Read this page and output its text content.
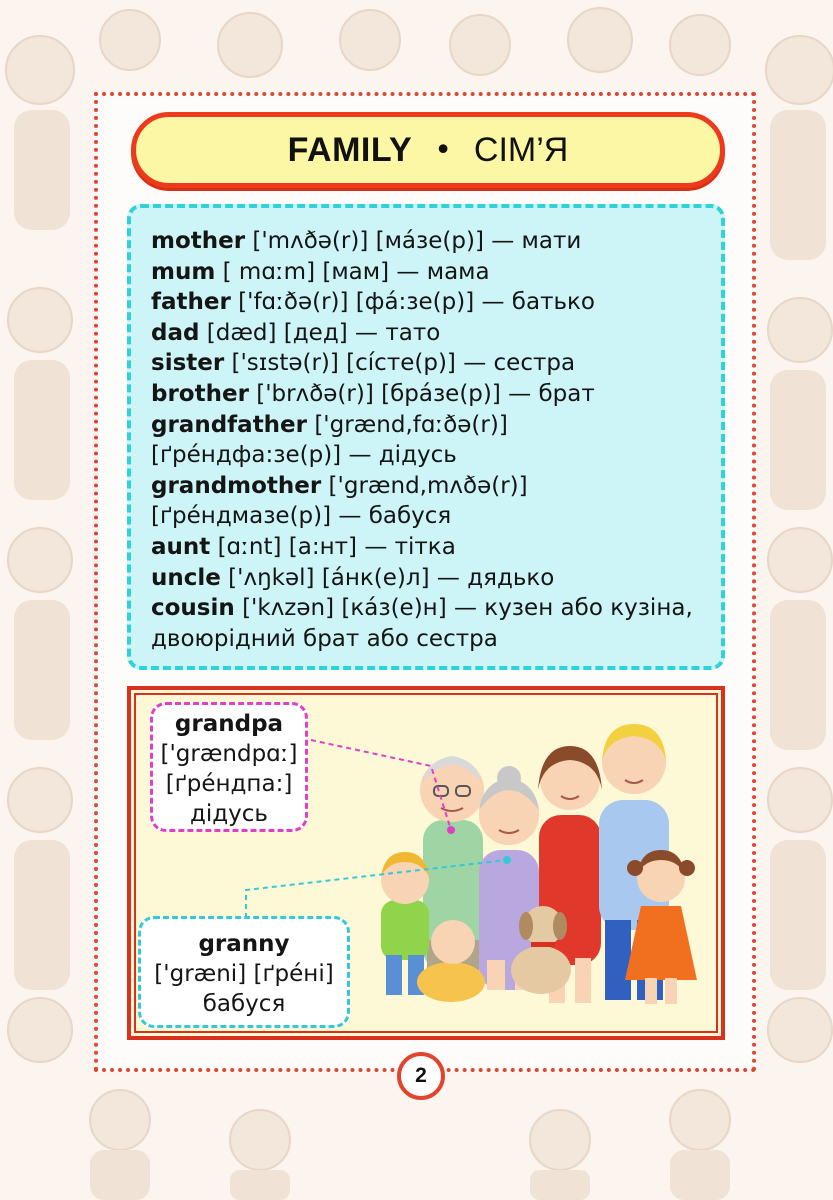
FAMILY • СІМ’Я
mother ['mʌðə(r)] [ма́зе(р)] — мати
mum [ mɑːm] [мам] — мама
father ['fɑːðə(r)] [фа́:зе(р)] — батько
dad [dæd] [дед] — тато
sister ['sɪstə(r)] [сі́сте(р)] — сестра
brother ['brʌðə(r)] [бра́зе(р)] — брат
grandfather ['grænd,fɑːðə(r)]
[ґре́ндфа:зе(р)] — дідусь
grandmother ['grænd,mʌðə(r)]
[ґре́ндмазе(р)] — бабуся
aunt [ɑːnt] [а:нт] — тітка
uncle ['ʌŋkəl] [а́нк(е)л] — дядько
cousin ['kʌzən] [ка́з(е)н] — кузен або кузіна,
двоюрідний брат або сестра
grandpa
['grændpɑː]
[ґре́ндпа:]
дідусь
granny
['græni] [ґре́ні]
бабуся
2
